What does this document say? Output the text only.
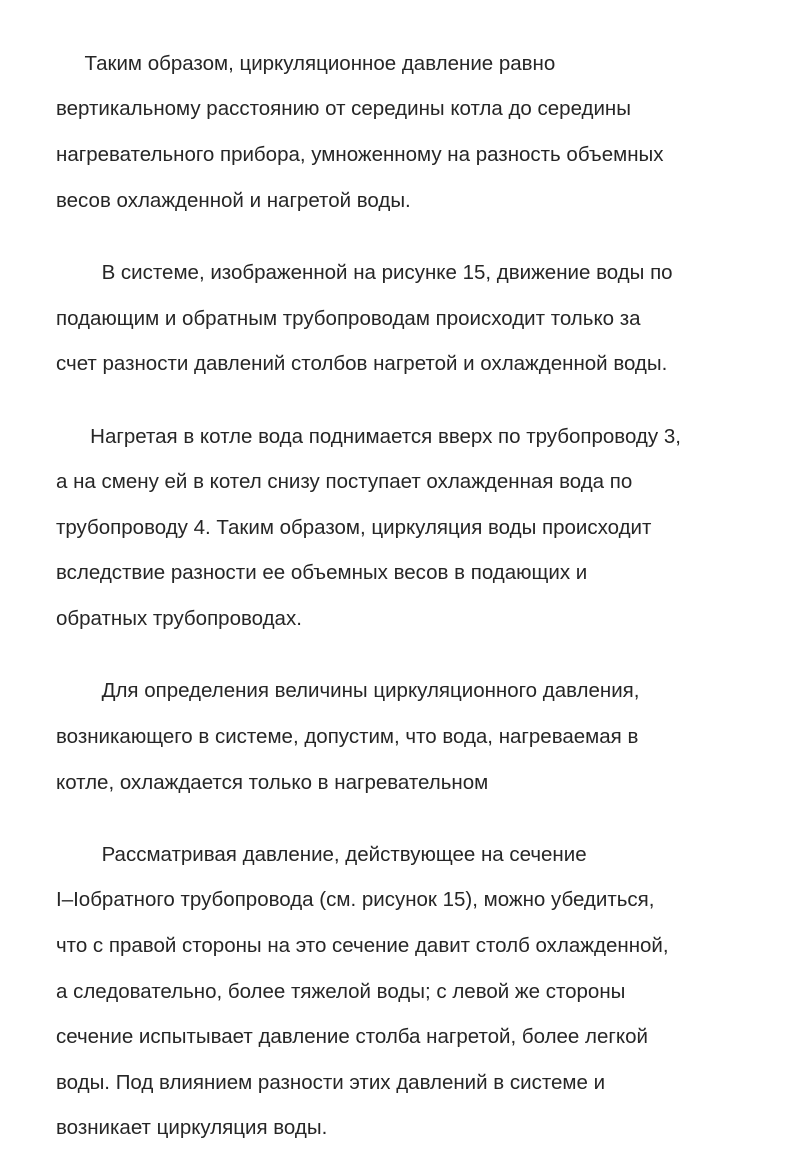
Таким образом, циркуляционное давление равно

вертикальному расстоянию от середины котла до середины

нагревательного прибора, умноженному на разность объемных

весов охлажденной и нагретой воды.

В системе, изображенной на рисунке 15, движение воды по

подающим и обратным трубопроводам происходит только за

счет разности давлений столбов нагретой и охлажденной воды.

Нагретая в котле вода поднимается вверх по трубопроводу 3,

а на смену ей в котел снизу поступает охлажденная вода по

трубопроводу 4. Таким образом, циркуляция воды происходит

вследствие разности ее объемных весов в подающих и

обратных трубопроводах.

Для определения величины циркуляционного давления,

возникающего в системе, допустим, что вода, нагреваемая в

котле, охлаждается только в нагревательном

Рассматривая давление, действующее на сечение

I–Iобратного трубопровода (см. рисунок 15), можно убедиться,

что с правой стороны на это сечение давит столб охлажденной,

а следовательно, более тяжелой воды; с левой же стороны

сечение испытывает давление столба нагретой, более легкой

воды. Под влиянием разности этих давлений в системе и

возникает циркуляция воды.
